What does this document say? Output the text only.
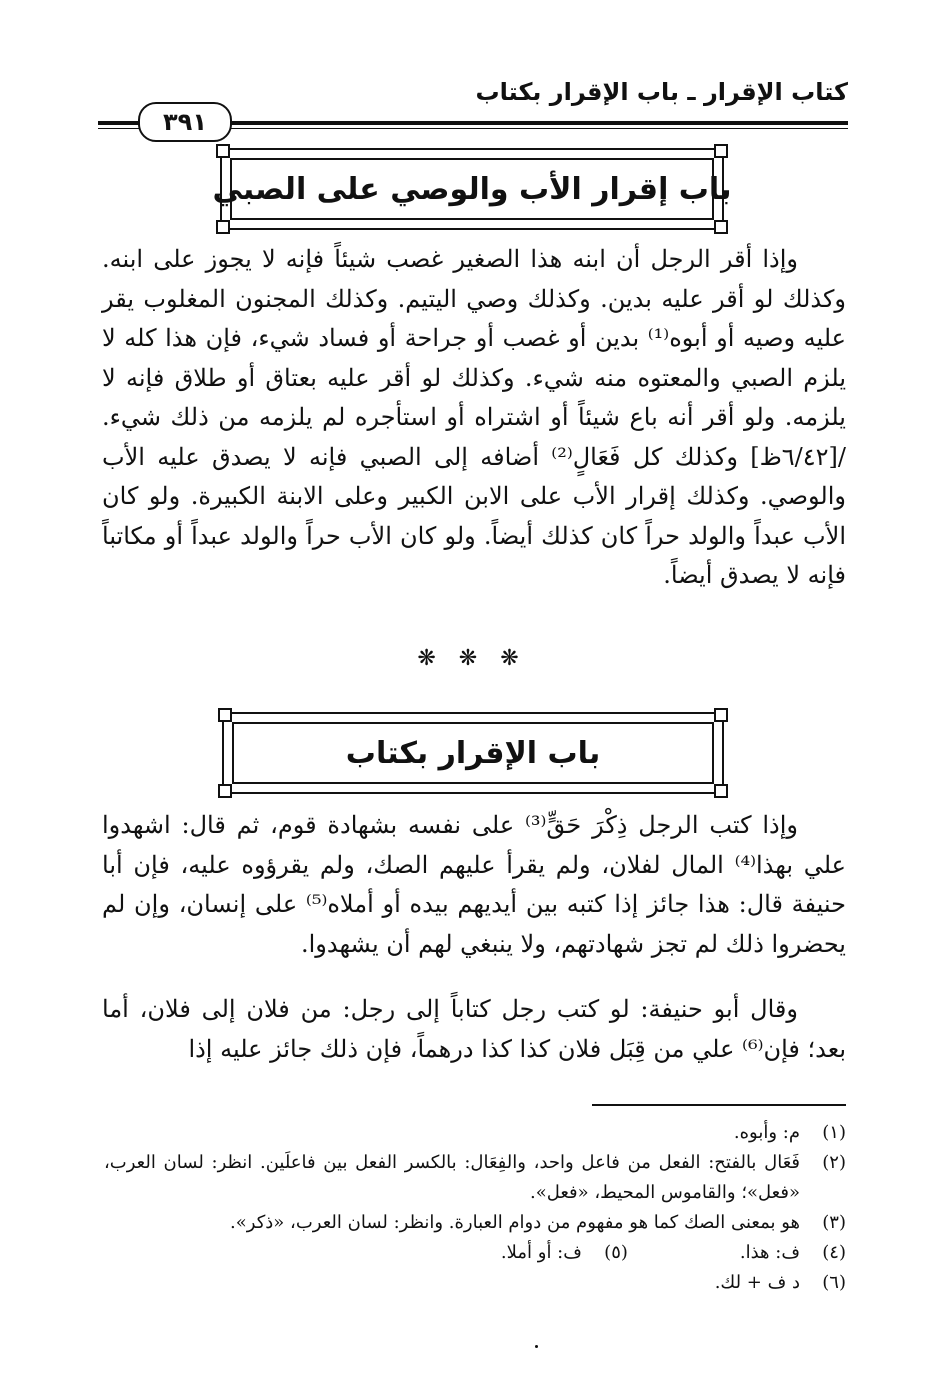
كتاب الإقرار ـ باب الإقرار بكتاب
٣٩١
باب إقرار الأب والوصي على الصبي

وإذا أقر الرجل أن ابنه هذا الصغير غصب شيئاً فإنه لا يجوز على ابنه. وكذلك لو أقر عليه بدين. وكذلك وصي اليتيم. وكذلك المجنون المغلوب يقر عليه وصيه أو أبوه⁽¹⁾ بدين أو غصب أو جراحة أو فساد شيء، فإن هذا كله لا يلزم الصبي والمعتوه منه شيء. وكذلك لو أقر عليه بعتاق أو طلاق فإنه لا يلزمه. ولو أقر أنه باع شيئاً أو اشتراه أو استأجره لم يلزمه من ذلك شيء. /[٦/٤٢ظ] وكذلك كل فَعَالٍ⁽²⁾ أضافه إلى الصبي فإنه لا يصدق عليه الأب والوصي. وكذلك إقرار الأب على الابن الكبير وعلى الابنة الكبيرة. ولو كان الأب عبداً والولد حراً كان كذلك أيضاً. ولو كان الأب حراً والولد عبداً أو مكاتباً فإنه لا يصدق أيضاً.

❋ ❋ ❋
باب الإقرار بكتاب

وإذا كتب الرجل ذِكْرَ حَقٍّ⁽³⁾ على نفسه بشهادة قوم، ثم قال: اشهدوا علي بهذا⁽⁴⁾ المال لفلان، ولم يقرأ عليهم الصك، ولم يقرؤوه عليه، فإن أبا حنيفة قال: هذا جائز إذا كتبه بين أيديهم بيده أو أملاه⁽⁵⁾ على إنسان، وإن لم يحضروا ذلك لم تجز شهادتهم، ولا ينبغي لهم أن يشهدوا.

وقال أبو حنيفة: لو كتب رجل كتاباً إلى رجل: من فلان إلى فلان، أما بعد؛ فإن⁽⁶⁾ علي من قِبَل فلان كذا كذا درهماً، فإن ذلك جائز عليه إذا

(١)
م: وأبوه.
(٢)
فَعَال بالفتح: الفعل من فاعل واحد، والفِعَال: بالكسر الفعل بين فاعلَين. انظر: لسان العرب، «فعل»؛ والقاموس المحيط، «فعل».
(٣)
هو بمعنى الصك كما هو مفهوم من دوام العبارة. وانظر: لسان العرب، «ذكر».
(٤)
ف: هذا.
(٥)
ف: أو أملا.
(٦)
د ف + لك.
